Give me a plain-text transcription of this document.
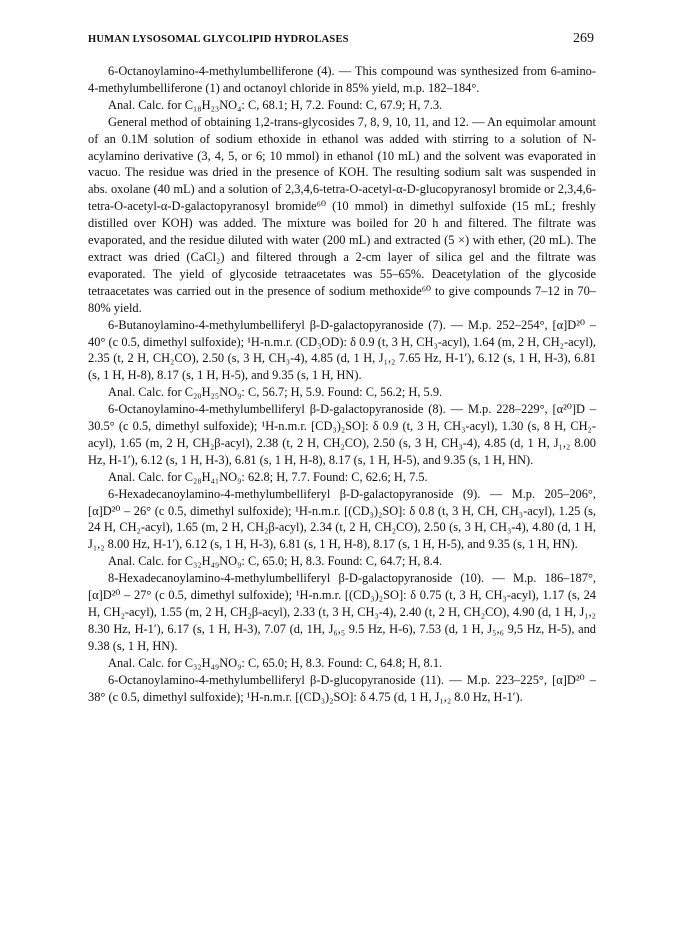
HUMAN LYSOSOMAL GLYCOLIPID HYDROLASES	269

6-Octanoylamino-4-methylumbelliferone (4). — This compound was synthesized from 6-amino-4-methylumbelliferone (1) and octanoyl chloride in 85% yield, m.p. 182–184°.

Anal. Calc. for C₁₈H₂₃NO₄: C, 68.1; H, 7.2. Found: C, 67.9; H, 7.3.

General method of obtaining 1,2-trans-glycosides 7, 8, 9, 10, 11, and 12. — An equimolar amount of an 0.1M solution of sodium ethoxide in ethanol was added with stirring to a solution of N-acylamino derivative (3, 4, 5, or 6; 10 mmol) in ethanol (10 mL) and the solvent was evaporated in vacuo. The residue was dried in the presence of KOH. The resulting sodium salt was suspended in abs. oxolane (40 mL) and a solution of 2,3,4,6-tetra-O-acetyl-α-D-glucopyranosyl bromide or 2,3,4,6-tetra-O-acetyl-α-D-galactopyranosyl bromide⁶⁰ (10 mmol) in dimethyl sulfoxide (15 mL; freshly distilled over KOH) was added. The mixture was boiled for 20 h and filtered. The filtrate was evaporated, and the residue diluted with water (200 mL) and extracted (5 ×) with ether, (20 mL). The extract was dried (CaCl₂) and filtered through a 2-cm layer of silica gel and the filtrate was evaporated. The yield of glycoside tetraacetates was 55–65%. Deacetylation of the glycoside tetraacetates was carried out in the presence of sodium methoxide⁶⁰ to give compounds 7–12 in 70–80% yield.

6-Butanoylamino-4-methylumbelliferyl β-D-galactopyranoside (7). — M.p. 252–254°, [α]D²⁰ – 40° (c 0.5, dimethyl sulfoxide); ¹H-n.m.r. (CD₃OD): δ 0.9 (t, 3 H, CH₃-acyl), 1.64 (m, 2 H, CH₂-acyl), 2.35 (t, 2 H, CH₂CO), 2.50 (s, 3 H, CH₃-4), 4.85 (d, 1 H, J₁,₂ 7.65 Hz, H-1′), 6.12 (s, 1 H, H-3), 6.81 (s, 1 H, H-8), 8.17 (s, 1 H, H-5), and 9.35 (s, 1 H, HN).

Anal. Calc. for C₂₀H₂₅NO₉: C, 56.7; H, 5.9. Found: C, 56.2; H, 5.9.

6-Octanoylamino-4-methylumbelliferyl β-D-galactopyranoside (8). — M.p. 228–229°, [α²⁰]D – 30.5° (c 0.5, dimethyl sulfoxide); ¹H-n.m.r. [CD₃)₂SO]: δ 0.9 (t, 3 H, CH₃-acyl), 1.30 (s, 8 H, CH₂-acyl), 1.65 (m, 2 H, CH₂β-acyl), 2.38 (t, 2 H, CH₂CO), 2.50 (s, 3 H, CH₃-4), 4.85 (d, 1 H, J₁,₂ 8.00 Hz, H-1′), 6.12 (s, 1 H, H-3), 6.81 (s, 1 H, H-8), 8.17 (s, 1 H, H-5), and 9.35 (s, 1 H, HN).

Anal. Calc. for C₂₈H₄₁NO₉: 62.8; H, 7.7. Found: C, 62.6; H, 7.5.

6-Hexadecanoylamino-4-methylumbelliferyl β-D-galactopyranoside (9). — M.p. 205–206°, [α]D²⁰ – 26° (c 0.5, dimethyl sulfoxide); ¹H-n.m.r. [(CD₃)₂SO]: δ 0.8 (t, 3 H, CH, CH₃-acyl), 1.25 (s, 24 H, CH₂-acyl), 1.65 (m, 2 H, CH₂β-acyl), 2.34 (t, 2 H, CH₂CO), 2.50 (s, 3 H, CH₃-4), 4.80 (d, 1 H, J₁,₂ 8.00 Hz, H-1′), 6.12 (s, 1 H, H-3), 6.81 (s, 1 H, H-8), 8.17 (s, 1 H, H-5), and 9.35 (s, 1 H, HN).

Anal. Calc. for C₃₂H₄₉NO₉: C, 65.0; H, 8.3. Found: C, 64.7; H, 8.4.

8-Hexadecanoylamino-4-methylumbelliferyl β-D-galactopyranoside (10). — M.p. 186–187°, [α]D²⁰ – 27° (c 0.5, dimethyl sulfoxide); ¹H-n.m.r. [(CD₃)₂SO]: δ 0.75 (t, 3 H, CH₃-acyl), 1.17 (s, 24 H, CH₂-acyl), 1.55 (m, 2 H, CH₂β-acyl), 2.33 (t, 3 H, CH₃-4), 2.40 (t, 2 H, CH₂CO), 4.90 (d, 1 H, J₁,₂ 8.30 Hz, H-1′), 6.17 (s, 1 H, H-3), 7.07 (d, 1H, J₆,₅ 9.5 Hz, H-6), 7.53 (d, 1 H, J₅,₆ 9,5 Hz, H-5), and 9.38 (s, 1 H, HN).

Anal. Calc. for C₃₂H₄₉NO₉: C, 65.0; H, 8.3. Found: C, 64.8; H, 8.1.

6-Octanoylamino-4-methylumbelliferyl β-D-glucopyranoside (11). — M.p. 223–225°, [α]D²⁰ – 38° (c 0.5, dimethyl sulfoxide); ¹H-n.m.r. [(CD₃)₂SO]: δ 4.75 (d, 1 H, J₁,₂ 8.0 Hz, H-1′).
